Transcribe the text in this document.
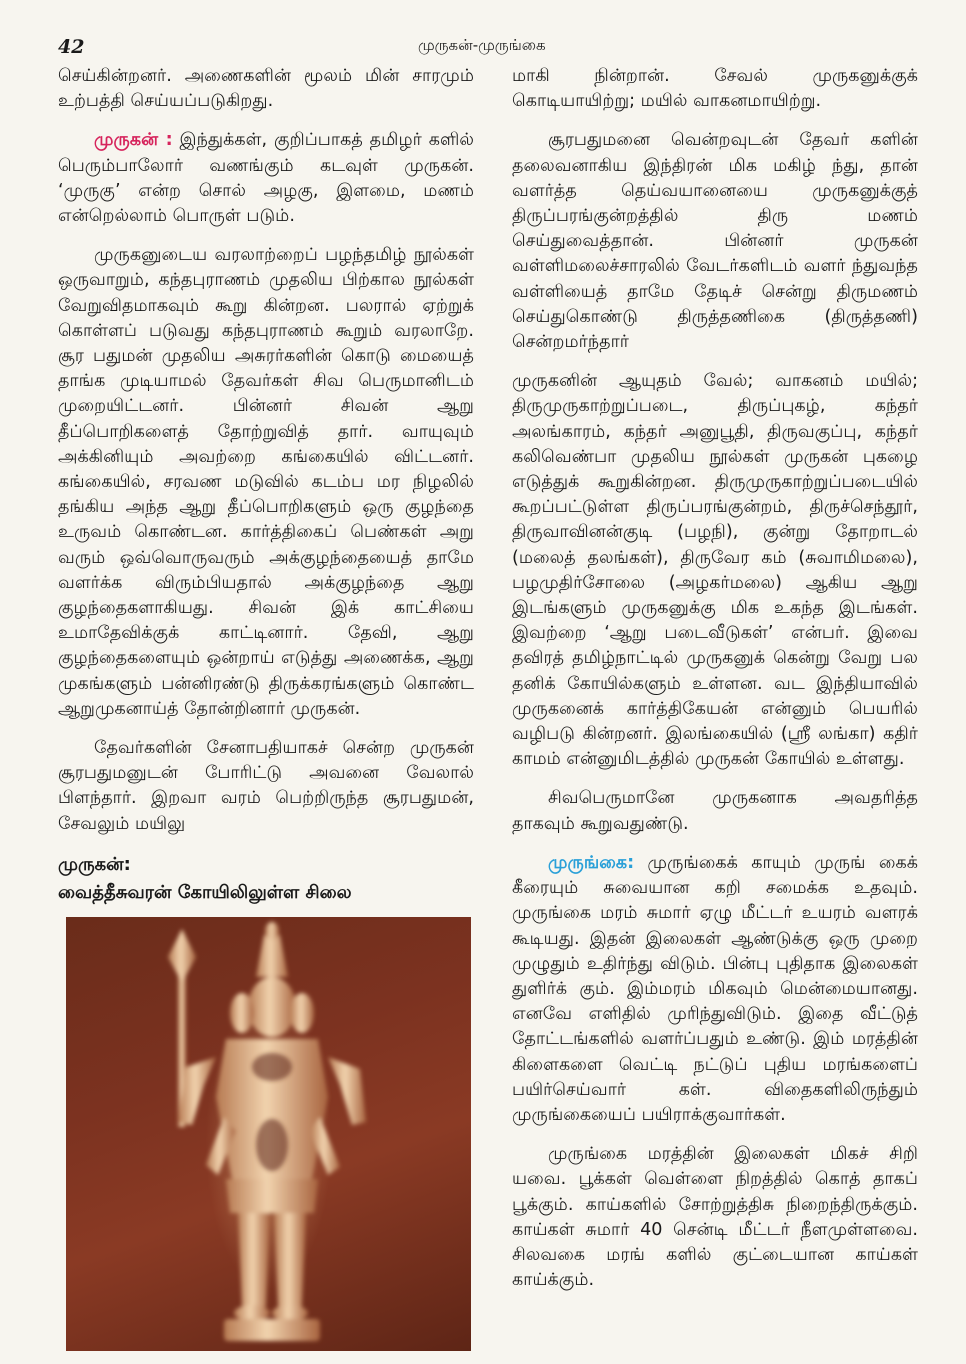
42	முருகன்-முருங்கை

செய்கின்றனர். அணைகளின் மூலம் மின் சாரமும் உற்பத்தி செய்யப்படுகிறது.

முருகன் : இந்துக்கள், குறிப்பாகத் தமிழர் களில் பெரும்பாலோர் வணங்கும் கடவுள் முருகன். ‘முருகு’ என்ற சொல் அழகு, இளமை, மணம் என்றெல்லாம் பொருள் படும்.

முருகனுடைய வரலாற்றைப் பழந்தமிழ் நூல்கள் ஒருவாறும், கந்தபுராணம் முதலிய பிற்கால நூல்கள் வேறுவிதமாகவும் கூறு கின்றன. பலரால் ஏற்றுக் கொள்ளப் படுவது கந்தபுராணம் கூறும் வரலாறே. சூர பதுமன் முதலிய அசுரர்களின் கொடு மையைத் தாங்க முடியாமல் தேவர்கள் சிவ பெருமானிடம் முறையிட்டனர். பின்னர் சிவன் ஆறு தீப்பொறிகளைத் தோற்றுவித் தார். வாயுவும் அக்கினியும் அவற்றை கங்கையில் விட்டனர். கங்கையில், சரவண மடுவில் கடம்ப மர நிழலில் தங்கிய அந்த ஆறு தீப்பொறிகளும் ஒரு குழந்தை உருவம் கொண்டன. கார்த்திகைப் பெண்கள் அறு வரும் ஒவ்வொருவரும் அக்குழந்தையைத் தாமே வளர்க்க விரும்பியதால் அக்குழந்தை ஆறு குழந்தைகளாகியது. சிவன் இக் காட்சியை உமாதேவிக்குக் காட்டினார். தேவி, ஆறு குழந்தைகளையும் ஒன்றாய் எடுத்து அணைக்க, ஆறு முகங்களும் பன்னிரண்டு திருக்கரங்களும் கொண்ட ஆறுமுகனாய்த் தோன்றினார் முருகன்.

தேவர்களின் சேனாபதியாகச் சென்ற முருகன் சூரபதுமனுடன் போரிட்டு அவனை வேலால் பிளந்தார். இறவா வரம் பெற்றிருந்த சூரபதுமன், சேவலும் மயிலு

முருகன்:
வைத்தீசுவரன் கோயிலிலுள்ள சிலை

மாகி நின்றான். சேவல் முருகனுக்குக் கொடியாயிற்று; மயில் வாகனமாயிற்று.

சூரபதுமனை வென்றவுடன் தேவர் களின் தலைவனாகிய இந்திரன் மிக மகிழ் ந்து, தான் வளர்த்த தெய்வயானையை முருகனுக்குத் திருப்பரங்குன்றத்தில் திரு மணம் செய்துவைத்தான். பின்னர் முருகன் வள்ளிமலைச்சாரலில் வேடர்களிடம் வளர் ந்துவந்த வள்ளியைத் தாமே தேடிச் சென்று திருமணம் செய்துகொண்டு திருத்தணிகை (திருத்தணி) சென்றமர்ந்தார்

முருகனின் ஆயுதம் வேல்; வாகனம் மயில்; திருமுருகாற்றுப்படை, திருப்புகழ், கந்தர் அலங்காரம், கந்தர் அனுபூதி, திருவகுப்பு, கந்தர் கலிவெண்பா முதலிய நூல்கள் முருகன் புகழை எடுத்துக் கூறுகின்றன. திருமுருகாற்றுப்படையில் கூறப்பட்டுள்ள திருப்பரங்குன்றம், திருச்செந்தூர், திருவாவினன்குடி (பழநி), குன்று தோறாடல் (மலைத் தலங்கள்), திருவேர கம் (சுவாமிமலை), பழமுதிர்சோலை (அழகர்மலை) ஆகிய ஆறு இடங்களும் முருகனுக்கு மிக உகந்த இடங்கள். இவற்றை ‘ஆறு படைவீடுகள்’ என்பர். இவை தவிரத் தமிழ்நாட்டில் முருகனுக் கென்று வேறு பல தனிக் கோயில்களும் உள்ளன. வட இந்தியாவில் முருகனைக் கார்த்திகேயன் என்னும் பெயரில் வழிபடு கின்றனர். இலங்கையில் (ஸ்ரீ லங்கா) கதிர் காமம் என்னுமிடத்தில் முருகன் கோயில் உள்ளது.

சிவபெருமானே முருகனாக அவதரித்த தாகவும் கூறுவதுண்டு.

முருங்கை: முருங்கைக் காயும் முருங் கைக் கீரையும் சுவையான கறி சமைக்க உதவும். முருங்கை மரம் சுமார் ஏழு மீட்டர் உயரம் வளரக் கூடியது. இதன் இலைகள் ஆண்டுக்கு ஒரு முறை முழுதும் உதிர்ந்து விடும். பின்பு புதிதாக இலைகள் துளிர்க் கும். இம்மரம் மிகவும் மென்மையானது. எனவே எளிதில் முரிந்துவிடும். இதை வீட்டுத் தோட்டங்களில் வளர்ப்பதும் உண்டு. இம் மரத்தின் கிளைகளை வெட்டி நட்டுப் புதிய மரங்களைப் பயிர்செய்வார் கள். விதைகளிலிருந்தும் முருங்கையைப் பயிராக்குவார்கள்.

முருங்கை மரத்தின் இலைகள் மிகச் சிறி யவை. பூக்கள் வெள்ளை நிறத்தில் கொத் தாகப் பூக்கும். காய்களில் சோற்றுத்திசு நிறைந்திருக்கும். காய்கள் சுமார் 40 சென்டி மீட்டர் நீளமுள்ளவை. சிலவகை மரங் களில் குட்டையான காய்கள் காய்க்கும்.
